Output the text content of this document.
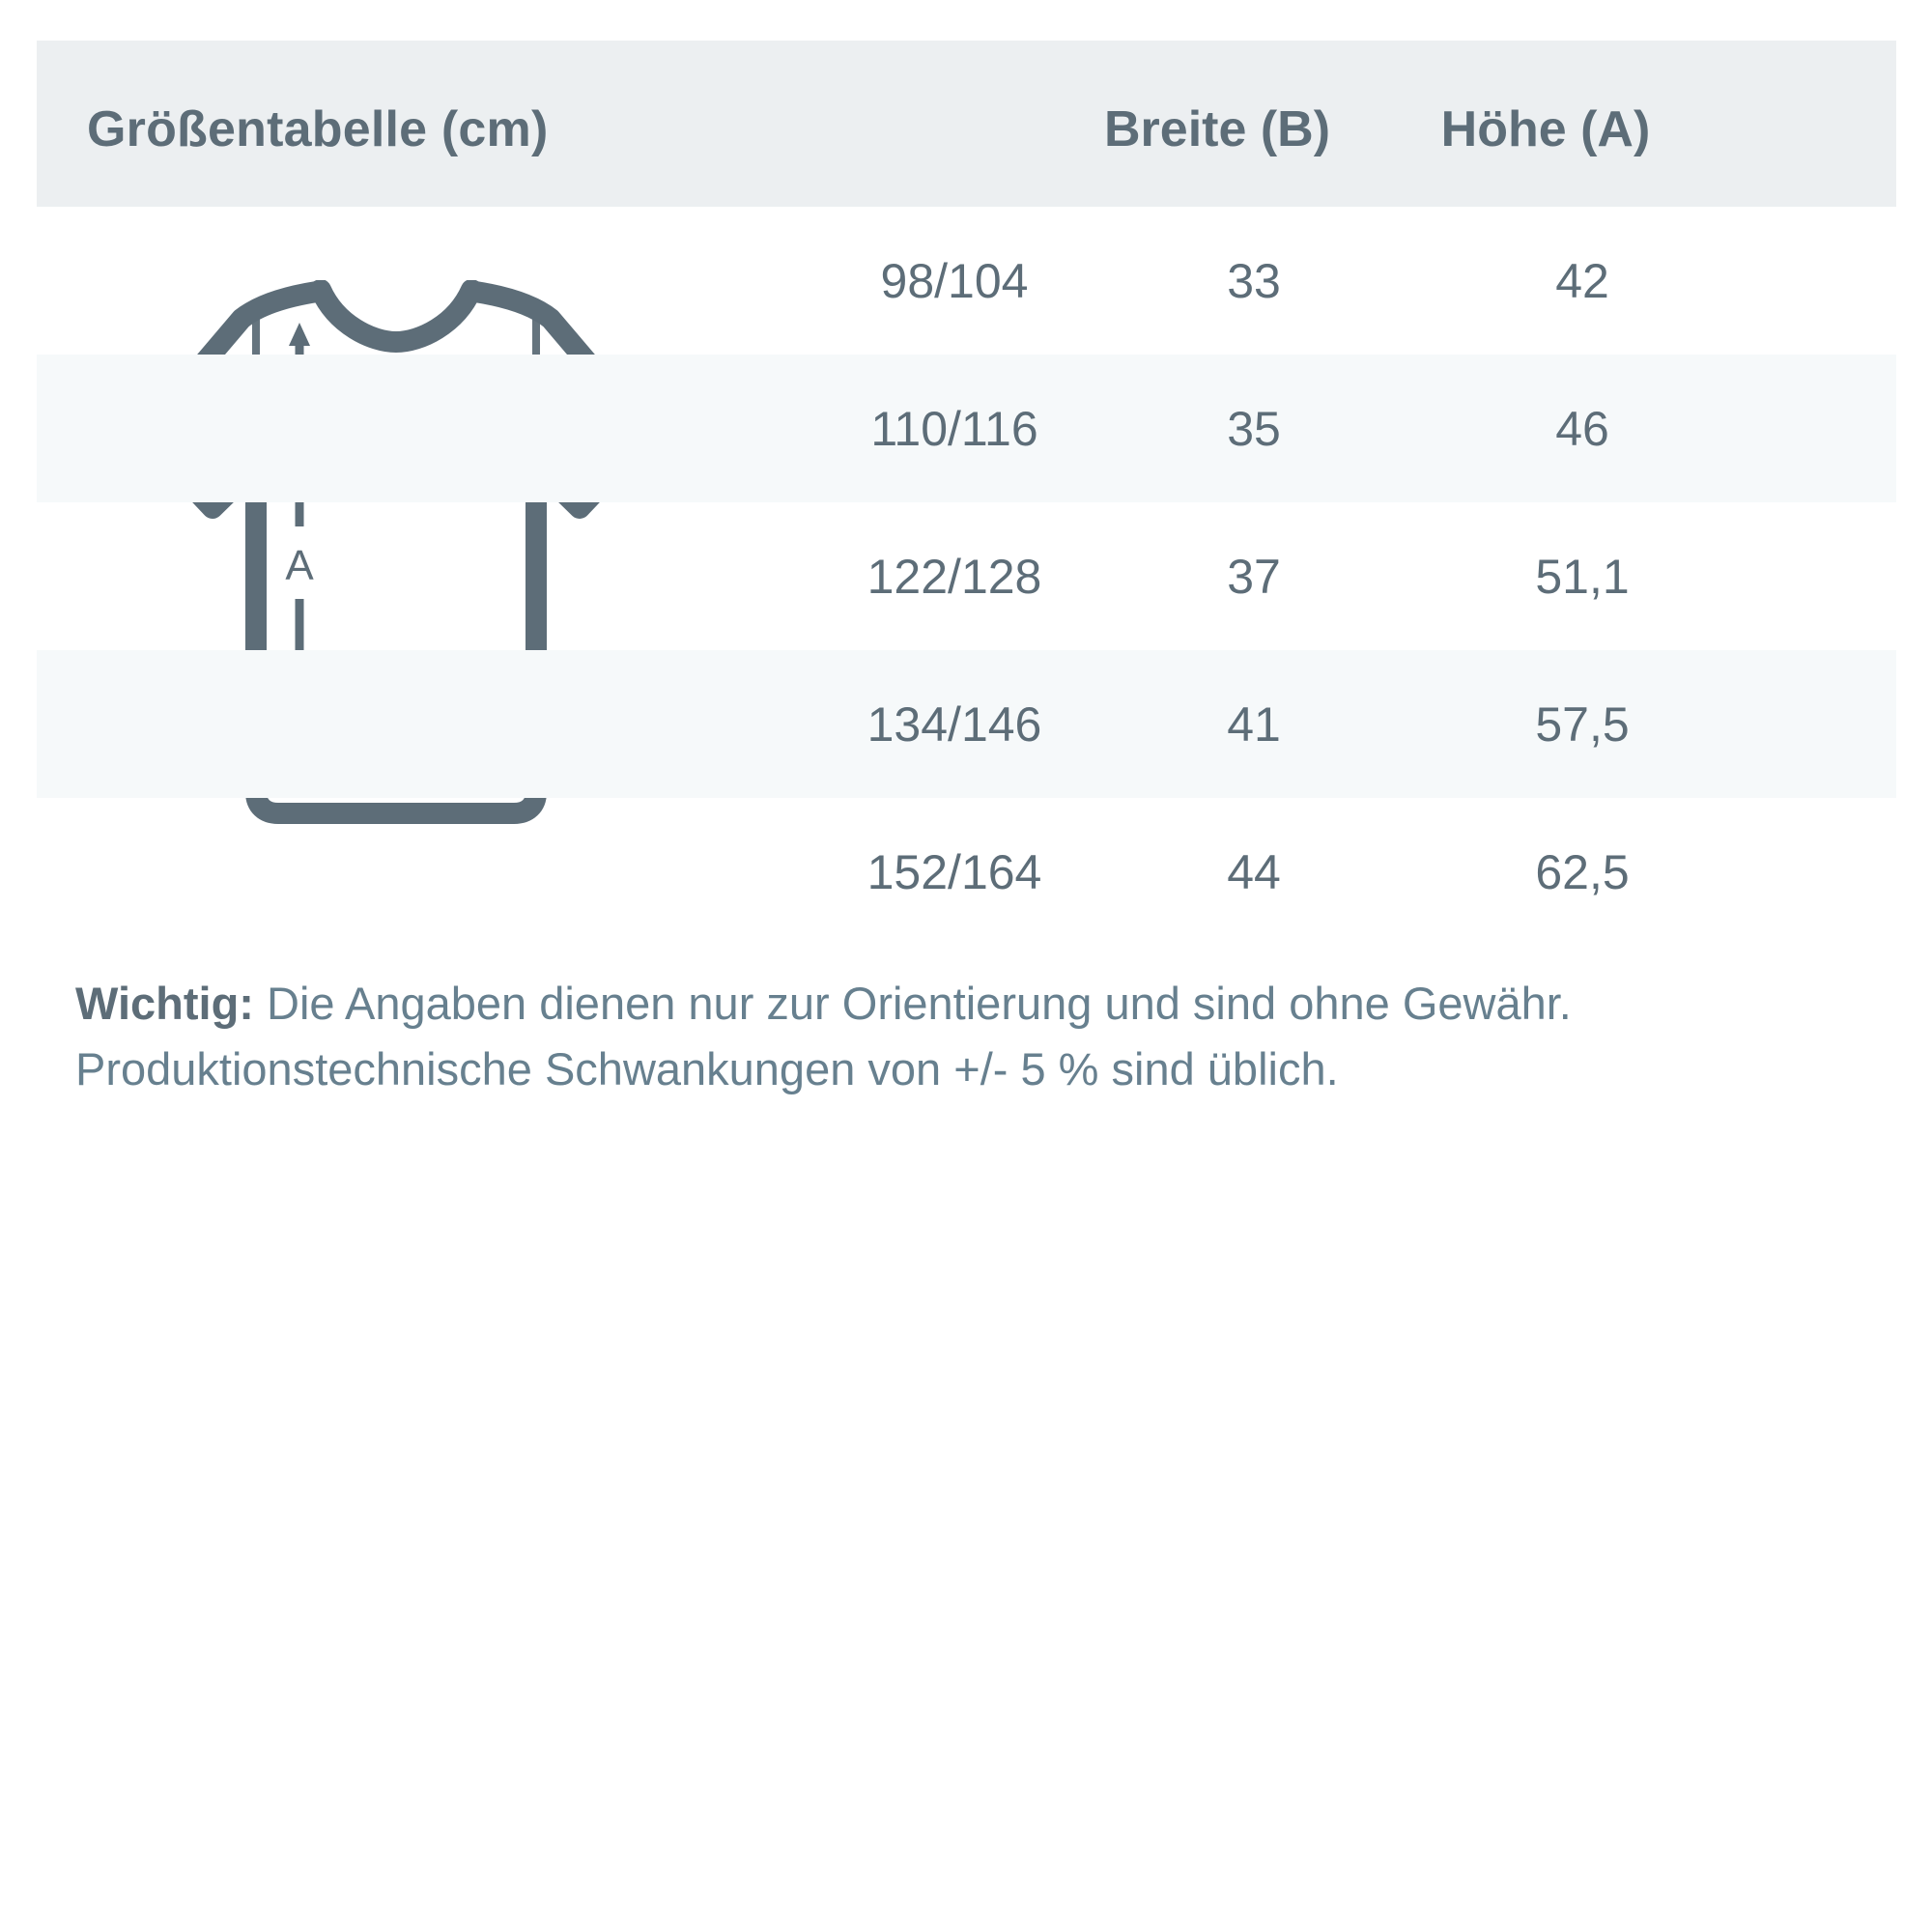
Größentabelle (cm)	Breite (B)	Höhe (A)
A
98/104	33	42
110/116	35	46
122/128	37	51,1
134/146	41	57,5
152/164	44	62,5
Wichtig: Die Angaben dienen nur zur Orientierung und sind ohne Gewähr. Produktionstechnische Schwankungen von +/- 5 % sind üblich.
